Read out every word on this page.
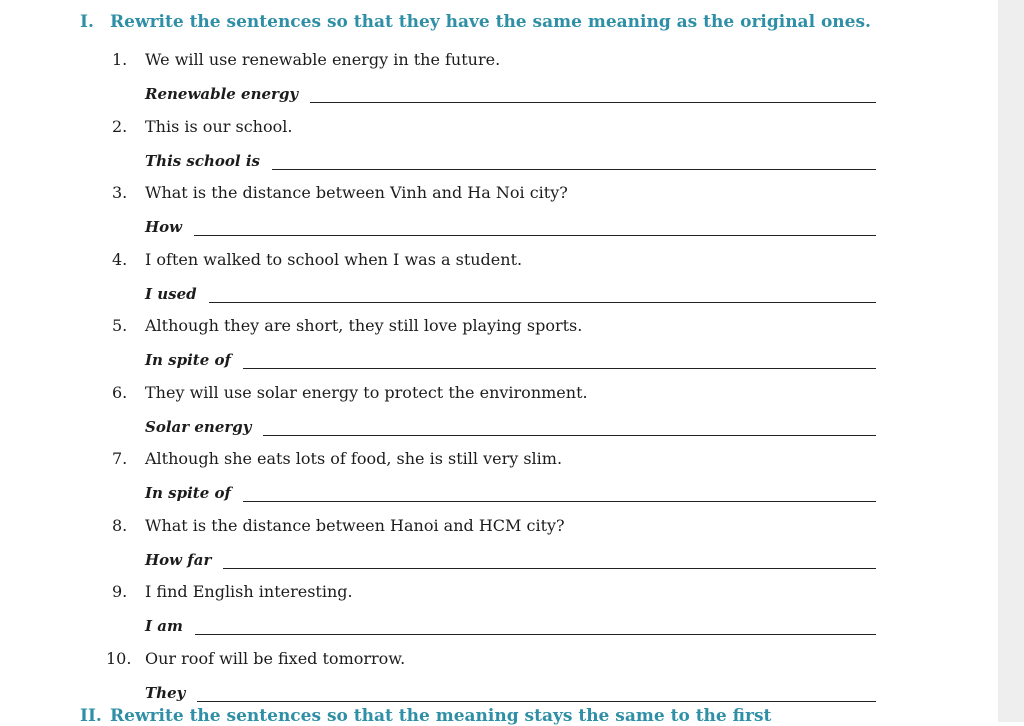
I. Rewrite the sentences so that they have the same meaning as the original ones.
1. We will use renewable energy in the future.
Renewable energy
2. This is our school.
This school is
3. What is the distance between Vinh and Ha Noi city?
How
4. I often walked to school when I was a student.
I used
5. Although they are short, they still love playing sports.
In spite of
6. They will use solar energy to protect the environment.
Solar energy
7. Although she eats lots of food, she is still very slim.
In spite of
8. What is the distance between Hanoi and HCM city?
How far
9. I find English interesting.
I am
10. Our roof will be fixed tomorrow.
They
II. Rewrite the sentences so that the meaning stays the same to the first
